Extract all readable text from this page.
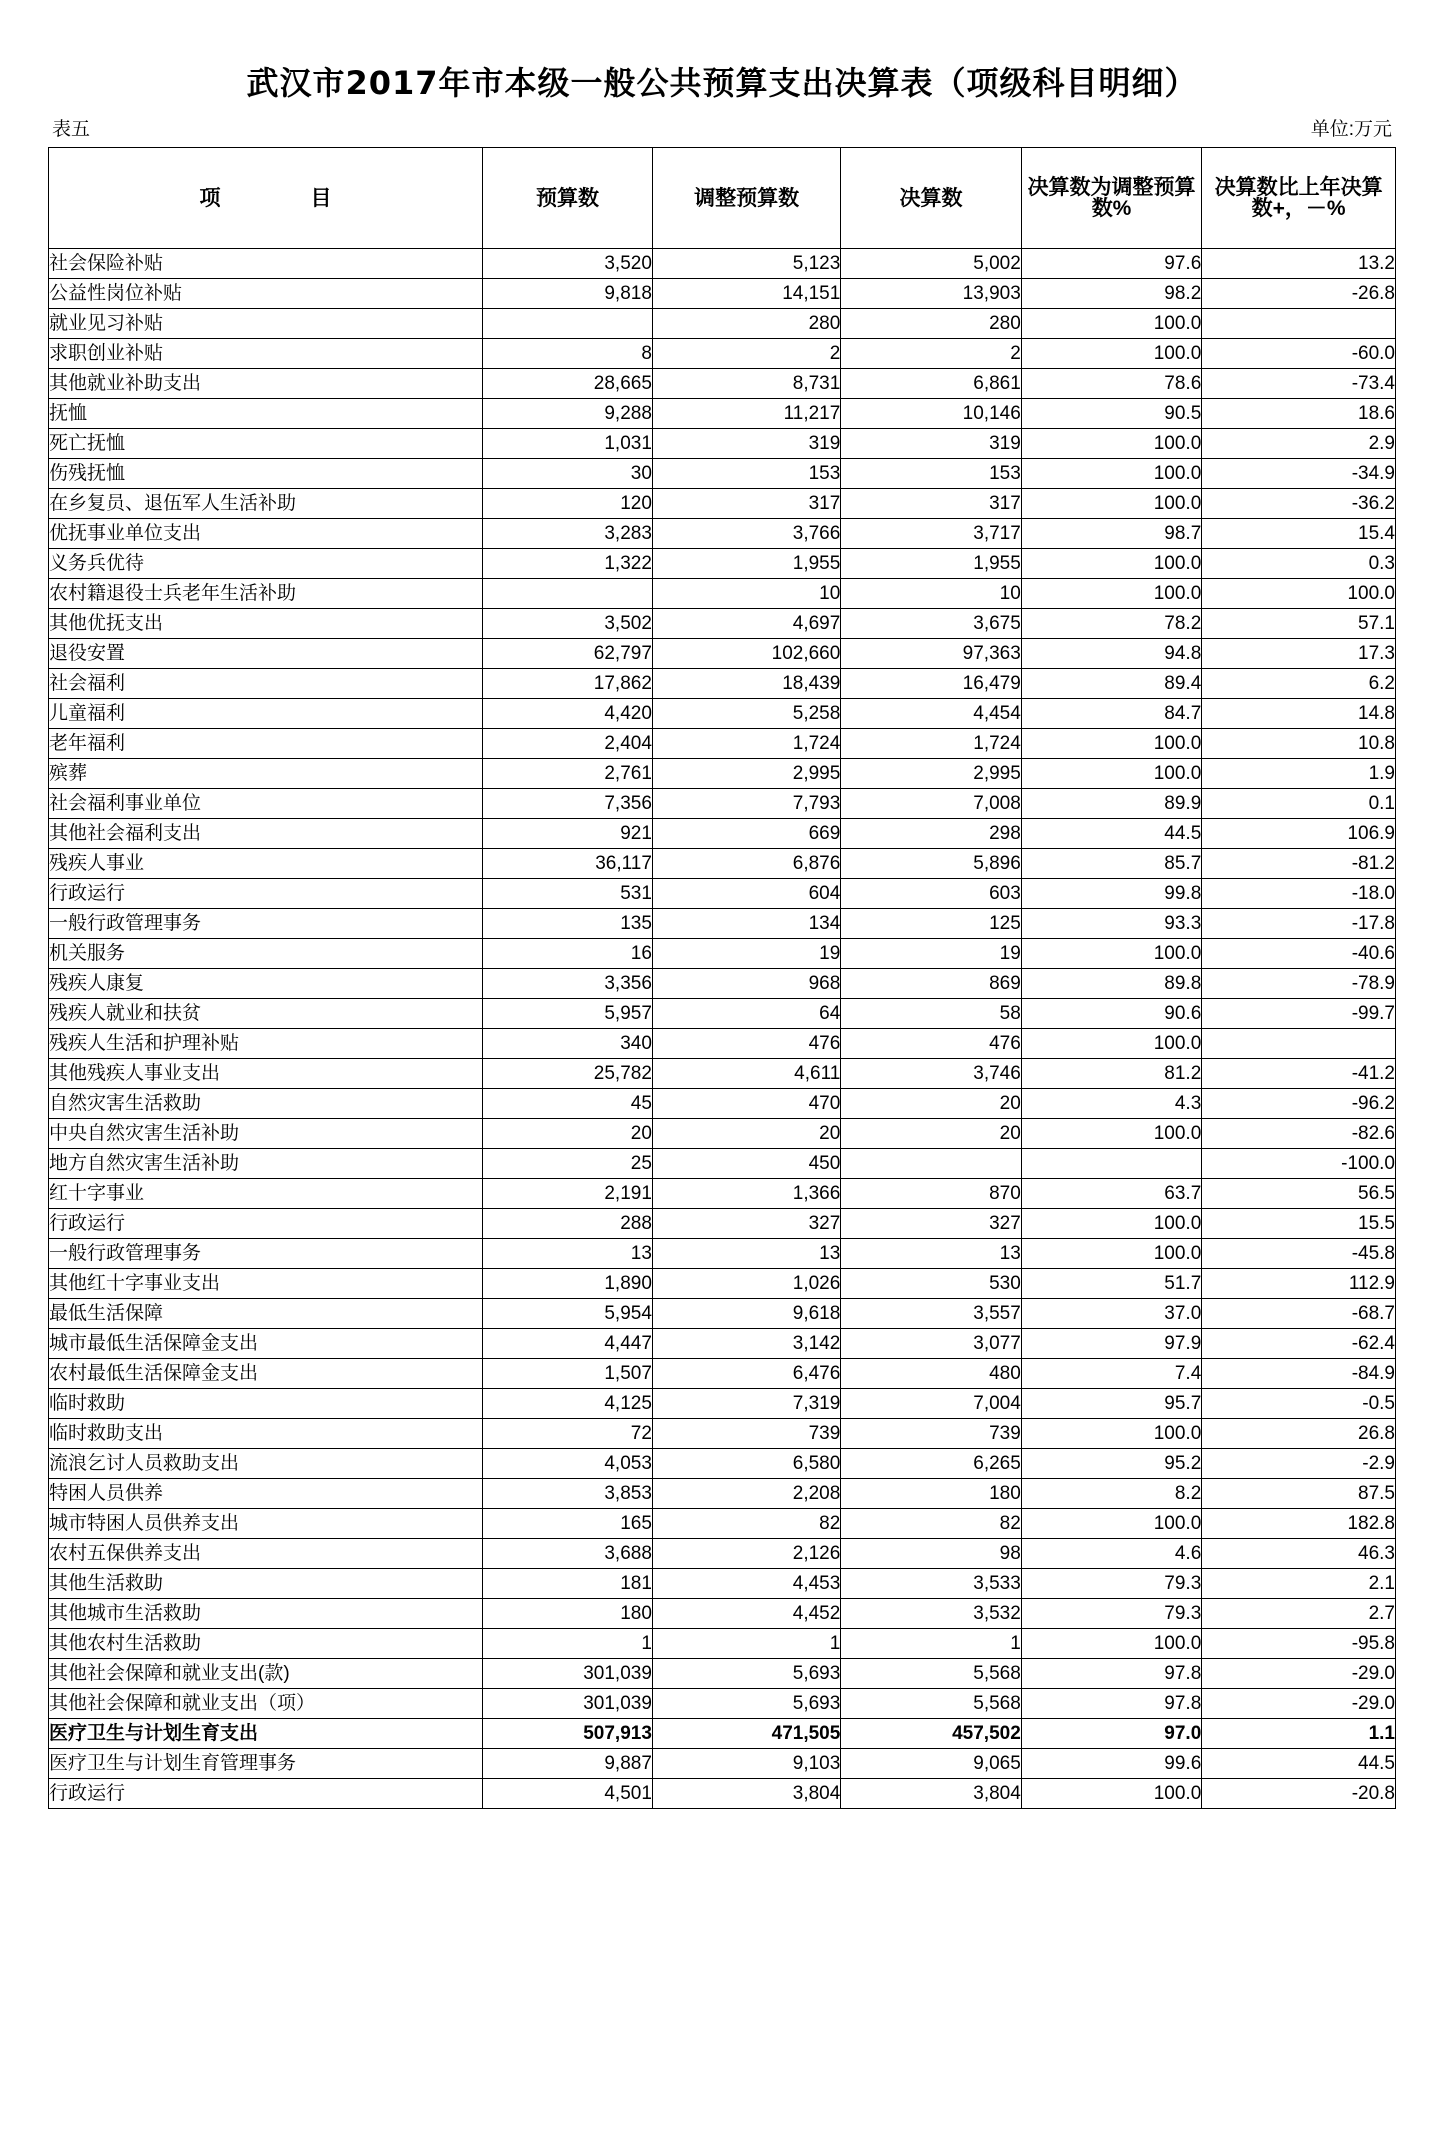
武汉市2017年市本级一般公共预算支出决算表（项级科目明细）
表五	单位:万元
项　　目	预算数	调整预算数	决算数	决算数为调整预算数%	决算数比上年决算数+，－%
社会保险补贴	3,520	5,123	5,002	97.6	13.2
公益性岗位补贴	9,818	14,151	13,903	98.2	-26.8
就业见习补贴		280	280	100.0	
求职创业补贴	8	2	2	100.0	-60.0
其他就业补助支出	28,665	8,731	6,861	78.6	-73.4
抚恤	9,288	11,217	10,146	90.5	18.6
死亡抚恤	1,031	319	319	100.0	2.9
伤残抚恤	30	153	153	100.0	-34.9
在乡复员、退伍军人生活补助	120	317	317	100.0	-36.2
优抚事业单位支出	3,283	3,766	3,717	98.7	15.4
义务兵优待	1,322	1,955	1,955	100.0	0.3
农村籍退役士兵老年生活补助		10	10	100.0	100.0
其他优抚支出	3,502	4,697	3,675	78.2	57.1
退役安置	62,797	102,660	97,363	94.8	17.3
社会福利	17,862	18,439	16,479	89.4	6.2
儿童福利	4,420	5,258	4,454	84.7	14.8
老年福利	2,404	1,724	1,724	100.0	10.8
殡葬	2,761	2,995	2,995	100.0	1.9
社会福利事业单位	7,356	7,793	7,008	89.9	0.1
其他社会福利支出	921	669	298	44.5	106.9
残疾人事业	36,117	6,876	5,896	85.7	-81.2
行政运行	531	604	603	99.8	-18.0
一般行政管理事务	135	134	125	93.3	-17.8
机关服务	16	19	19	100.0	-40.6
残疾人康复	3,356	968	869	89.8	-78.9
残疾人就业和扶贫	5,957	64	58	90.6	-99.7
残疾人生活和护理补贴	340	476	476	100.0	
其他残疾人事业支出	25,782	4,611	3,746	81.2	-41.2
自然灾害生活救助	45	470	20	4.3	-96.2
中央自然灾害生活补助	20	20	20	100.0	-82.6
地方自然灾害生活补助	25	450			-100.0
红十字事业	2,191	1,366	870	63.7	56.5
行政运行	288	327	327	100.0	15.5
一般行政管理事务	13	13	13	100.0	-45.8
其他红十字事业支出	1,890	1,026	530	51.7	112.9
最低生活保障	5,954	9,618	3,557	37.0	-68.7
城市最低生活保障金支出	4,447	3,142	3,077	97.9	-62.4
农村最低生活保障金支出	1,507	6,476	480	7.4	-84.9
临时救助	4,125	7,319	7,004	95.7	-0.5
临时救助支出	72	739	739	100.0	26.8
流浪乞讨人员救助支出	4,053	6,580	6,265	95.2	-2.9
特困人员供养	3,853	2,208	180	8.2	87.5
城市特困人员供养支出	165	82	82	100.0	182.8
农村五保供养支出	3,688	2,126	98	4.6	46.3
其他生活救助	181	4,453	3,533	79.3	2.1
其他城市生活救助	180	4,452	3,532	79.3	2.7
其他农村生活救助	1	1	1	100.0	-95.8
其他社会保障和就业支出(款)	301,039	5,693	5,568	97.8	-29.0
其他社会保障和就业支出（项）	301,039	5,693	5,568	97.8	-29.0
医疗卫生与计划生育支出	507,913	471,505	457,502	97.0	1.1
医疗卫生与计划生育管理事务	9,887	9,103	9,065	99.6	44.5
行政运行	4,501	3,804	3,804	100.0	-20.8
